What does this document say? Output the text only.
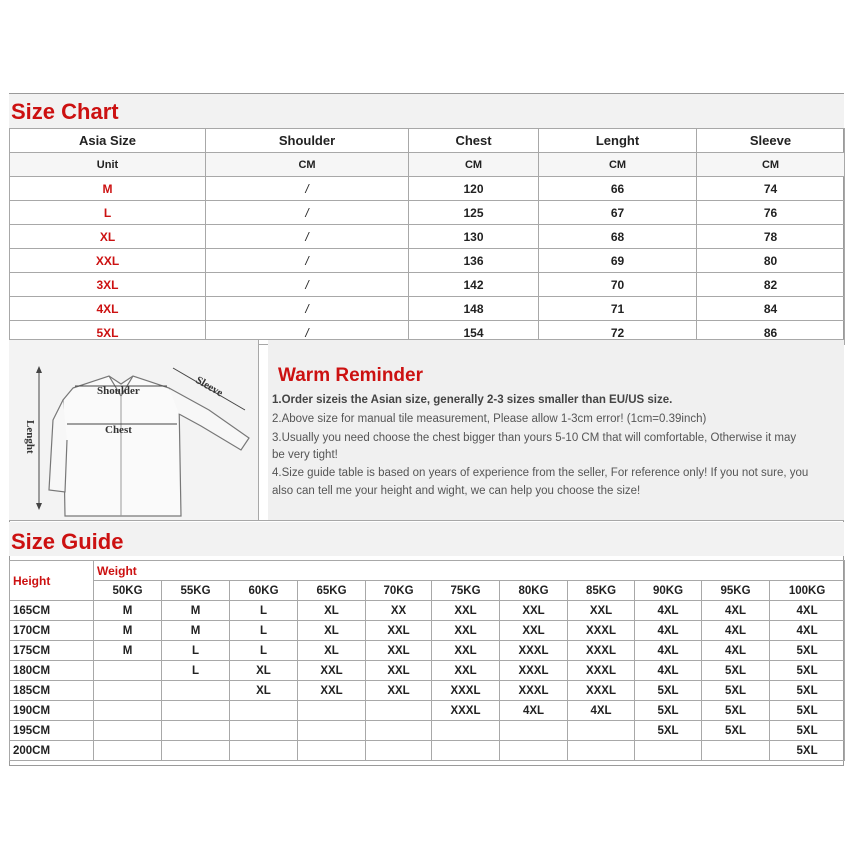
Size Chart
Asia Size	Shoulder	Chest	Lenght	Sleeve
Unit	CM	CM	CM	CM
M	/	120	66	74
L	/	125	67	76
XL	/	130	68	78
XXL	/	136	69	80
3XL	/	142	70	82
4XL	/	148	71	84
5XL	/	154	72	86
Shoulder
Chest
Sleeve
Lenght
Warm Reminder
1.Order sizeis the Asian size, generally 2-3 sizes smaller than EU/US size.
2.Above size for manual tile measurement, Please allow 1-3cm error! (1cm=0.39inch)
3.Usually you need choose the chest bigger than yours 5-10 CM that will comfortable, Otherwise it may
be very tight!
4.Size guide table is based on years of experience from the seller, For reference only! If you not sure, you
also can tell me your height and wight, we can help you choose the size!
Size Guide
Height	Weight										
	50KG	55KG	60KG	65KG	70KG	75KG	80KG	85KG	90KG	95KG	100KG
165CM	M	M	L	XL	XX	XXL	XXL	XXL	4XL	4XL	4XL
170CM	M	M	L	XL	XXL	XXL	XXL	XXXL	4XL	4XL	4XL
175CM	M	L	L	XL	XXL	XXL	XXXL	XXXL	4XL	4XL	5XL
180CM		L	XL	XXL	XXL	XXL	XXXL	XXXL	4XL	5XL	5XL
185CM			XL	XXL	XXL	XXXL	XXXL	XXXL	5XL	5XL	5XL
190CM						XXXL	4XL	4XL	5XL	5XL	5XL
195CM									5XL	5XL	5XL
200CM											5XL
